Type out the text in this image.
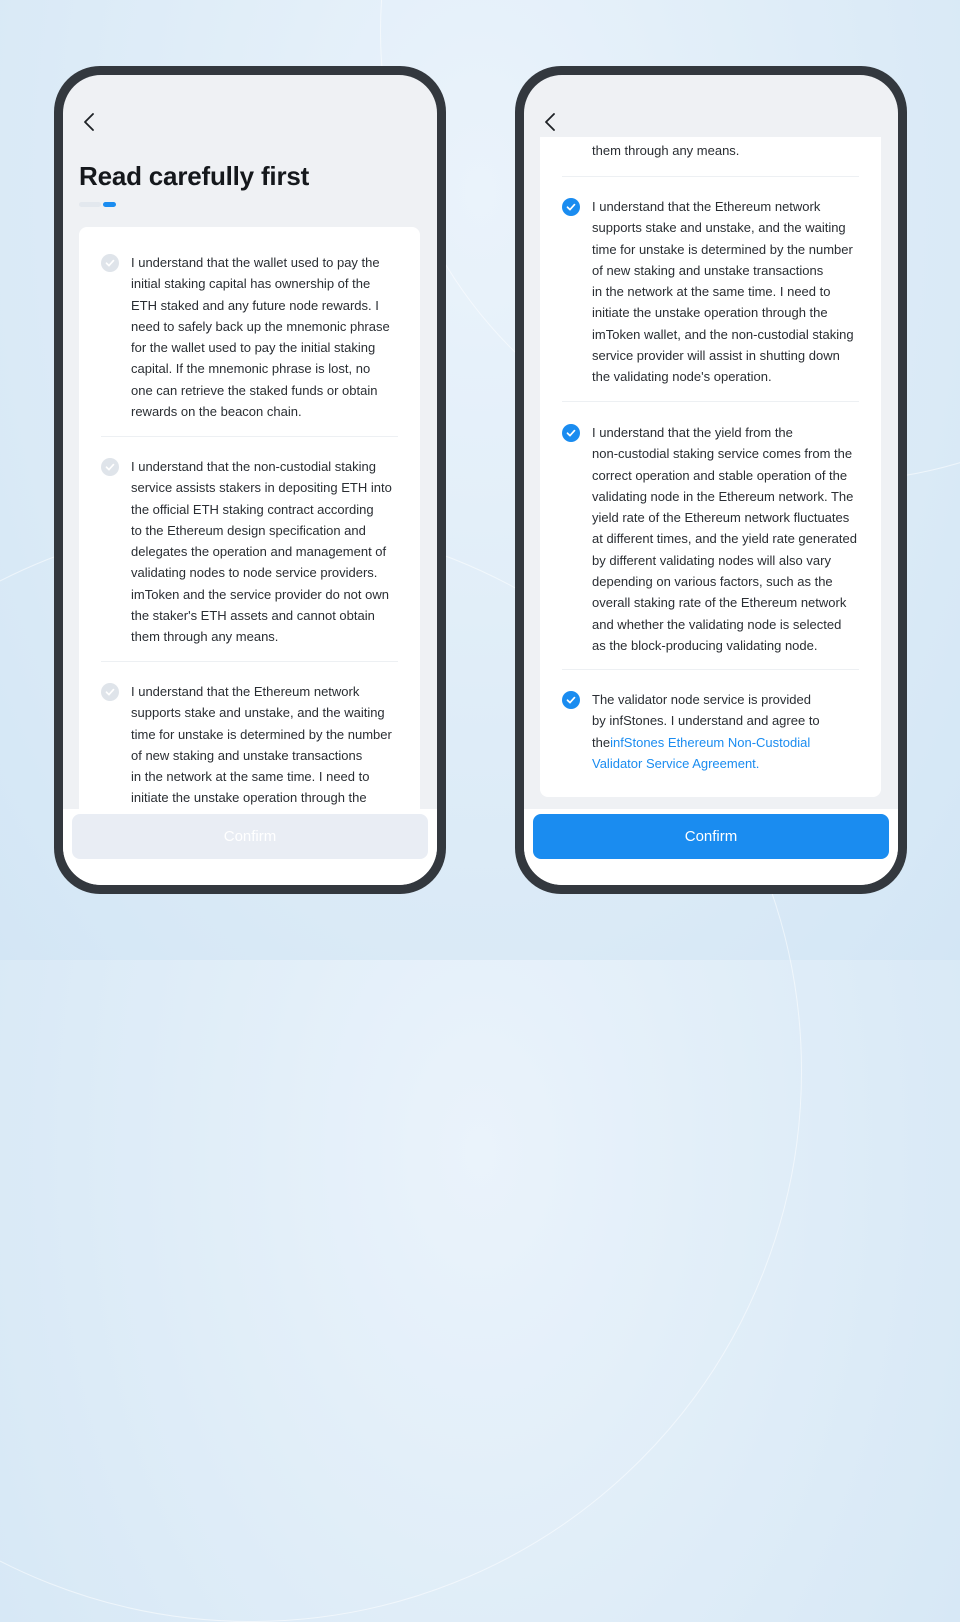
Read carefully first

I understand that the wallet used to pay the
initial staking capital has ownership of the
ETH staked and any future node rewards. I
need to safely back up the mnemonic phrase
for the wallet used to pay the initial staking
capital. If the mnemonic phrase is lost, no
one can retrieve the staked funds or obtain
rewards on the beacon chain.

I understand that the non-custodial staking
service assists stakers in depositing ETH into
the official ETH staking contract according
to the Ethereum design specification and
delegates the operation and management of
validating nodes to node service providers.
imToken and the service provider do not own
the staker's ETH assets and cannot obtain
them through any means.

I understand that the Ethereum network
supports stake and unstake, and the waiting
time for unstake is determined by the number
of new staking and unstake transactions
in the network at the same time. I need to
initiate the unstake operation through the

Confirm

them through any means.

I understand that the Ethereum network
supports stake and unstake, and the waiting
time for unstake is determined by the number
of new staking and unstake transactions
in the network at the same time. I need to
initiate the unstake operation through the
imToken wallet, and the non-custodial staking
service provider will assist in shutting down
the validating node's operation.

I understand that the yield from the
non-custodial staking service comes from the
correct operation and stable operation of the
validating node in the Ethereum network. The
yield rate of the Ethereum network fluctuates
at different times, and the yield rate generated
by different validating nodes will also vary
depending on various factors, such as the
overall staking rate of the Ethereum network
and whether the validating node is selected
as the block-producing validating node.

The validator node service is provided
by infStones. I understand and agree to
theinfStones Ethereum Non-Custodial
Validator Service Agreement.

Confirm
